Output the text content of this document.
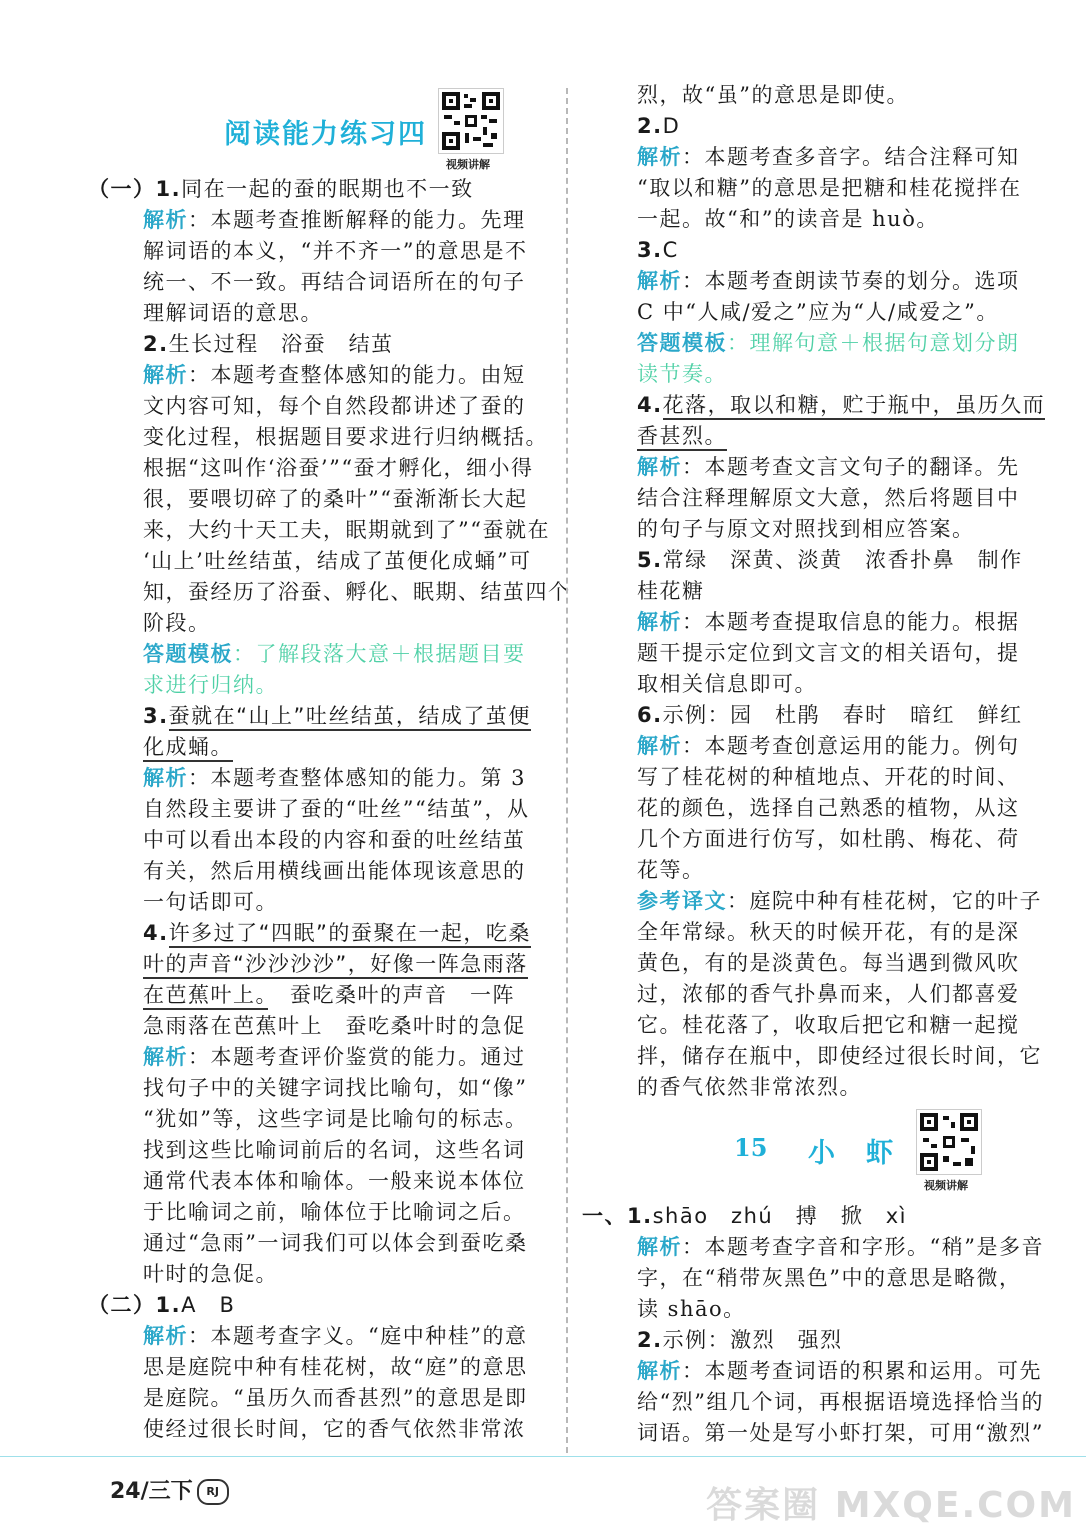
阅读能力练习四
视频讲解
（一）1.同在一起的蚕的眠期也不一致
解析：本题考查推断解释的能力。先理
解词语的本义，“并不齐一”的意思是不
统一、不一致。再结合词语所在的句子
理解词语的意思。
2.生长过程　浴蚕　结茧
解析：本题考查整体感知的能力。由短
文内容可知，每个自然段都讲述了蚕的
变化过程，根据题目要求进行归纳概括。
根据“这叫作‘浴蚕’”“蚕才孵化，细小得
很，要喂切碎了的桑叶”“蚕渐渐长大起
来，大约十天工夫，眠期就到了”“蚕就在
‘山上’吐丝结茧，结成了茧便化成蛹”可
知，蚕经历了浴蚕、孵化、眠期、结茧四个
阶段。
答题模板：了解段落大意＋根据题目要
求进行归纳。
3.蚕就在“山上”吐丝结茧，结成了茧便
化成蛹。
解析：本题考查整体感知的能力。第 3
自然段主要讲了蚕的“吐丝”“结茧”，从
中可以看出本段的内容和蚕的吐丝结茧
有关，然后用横线画出能体现该意思的
一句话即可。
4.许多过了“四眠”的蚕聚在一起，吃桑
叶的声音“沙沙沙沙”，好像一阵急雨落
在芭蕉叶上。　蚕吃桑叶的声音　一阵
急雨落在芭蕉叶上　蚕吃桑叶时的急促
解析：本题考查评价鉴赏的能力。通过
找句子中的关键字词找比喻句，如“像”
“犹如”等，这些字词是比喻句的标志。
找到这些比喻词前后的名词，这些名词
通常代表本体和喻体。一般来说本体位
于比喻词之前，喻体位于比喻词之后。
通过“急雨”一词我们可以体会到蚕吃桑
叶时的急促。
（二）1.A　B
解析：本题考查字义。“庭中种桂”的意
思是庭院中种有桂花树，故“庭”的意思
是庭院。“虽历久而香甚烈”的意思是即
使经过很长时间，它的香气依然非常浓
烈，故“虽”的意思是即使。
2.D
解析：本题考查多音字。结合注释可知
“取以和糖”的意思是把糖和桂花搅拌在
一起。故“和”的读音是 huò。
3.C
解析：本题考查朗读节奏的划分。选项
C 中“人咸/爱之”应为“人/咸爱之”。
答题模板：理解句意＋根据句意划分朗
读节奏。
4.花落，取以和糖，贮于瓶中，虽历久而
香甚烈。
解析：本题考查文言文句子的翻译。先
结合注释理解原文大意，然后将题目中
的句子与原文对照找到相应答案。
5.常绿　深黄、淡黄　浓香扑鼻　制作
桂花糖
解析：本题考查提取信息的能力。根据
题干提示定位到文言文的相关语句，提
取相关信息即可。
6.示例：园　杜鹃　春时　暗红　鲜红
解析：本题考查创意运用的能力。例句
写了桂花树的种植地点、开花的时间、
花的颜色，选择自己熟悉的植物，从这
几个方面进行仿写，如杜鹃、梅花、荷
花等。
参考译文：庭院中种有桂花树，它的叶子
全年常绿。秋天的时候开花，有的是深
黄色，有的是淡黄色。每当遇到微风吹
过，浓郁的香气扑鼻而来，人们都喜爱
它。桂花落了，收取后把它和糖一起搅
拌，储存在瓶中，即使经过很长时间，它
的香气依然非常浓烈。
15 小　虾
视频讲解
一、1.shāo　zhú　搏　掀　xì
解析：本题考查字音和字形。“稍”是多音
字，在“稍带灰黑色”中的意思是略微，
读 shāo。
2.示例：激烈　强烈
解析：本题考查词语的积累和运用。可先
给“烈”组几个词，再根据语境选择恰当的
词语。第一处是写小虾打架，可用“激烈”
24/三下 RJ	答案圈 MXQE.COM
